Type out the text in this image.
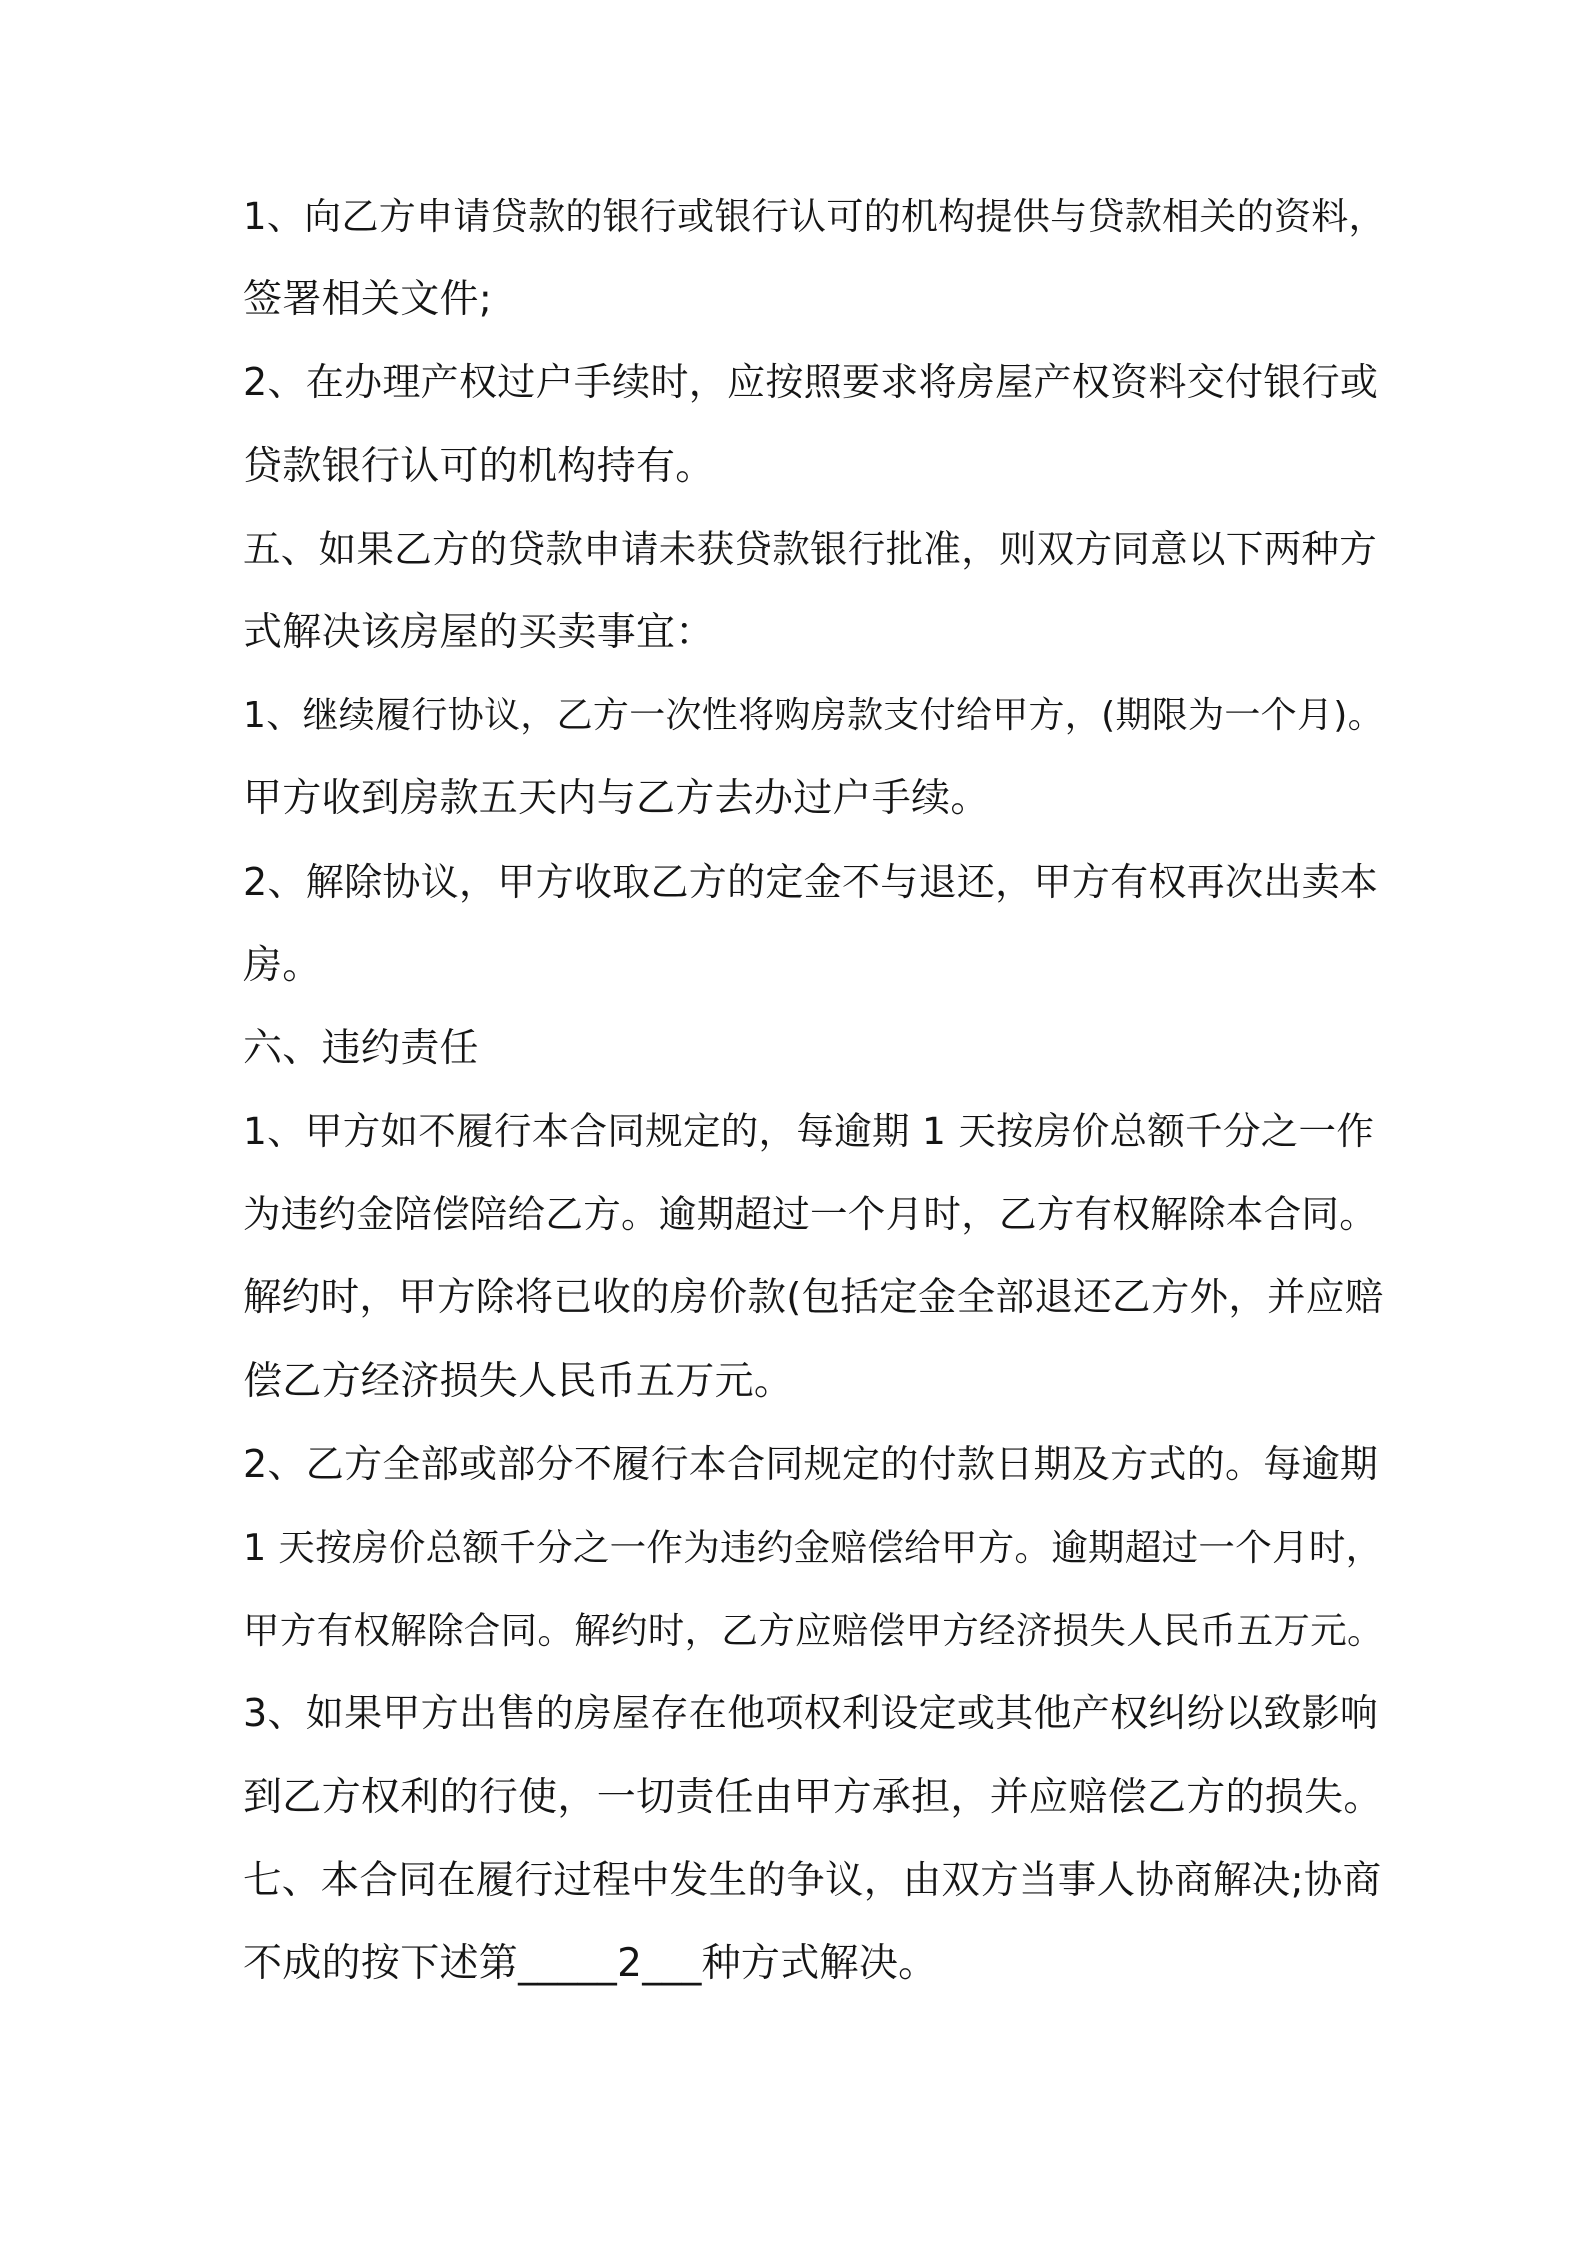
1、向乙方申请贷款的银行或银行认可的机构提供与贷款相关的资料，
签署相关文件;
2、在办理产权过户手续时，应按照要求将房屋产权资料交付银行或
贷款银行认可的机构持有。
五、如果乙方的贷款申请未获贷款银行批准，则双方同意以下两种方
式解决该房屋的买卖事宜：
1、继续履行协议，乙方一次性将购房款支付给甲方，(期限为一个月)。
甲方收到房款五天内与乙方去办过户手续。
2、解除协议，甲方收取乙方的定金不与退还，甲方有权再次出卖本
房。
六、违约责任
1、甲方如不履行本合同规定的，每逾期 1 天按房价总额千分之一作
为违约金陪偿陪给乙方。逾期超过一个月时，乙方有权解除本合同。
解约时，甲方除将已收的房价款(包括定金全部退还乙方外，并应赔
偿乙方经济损失人民币五万元。
2、乙方全部或部分不履行本合同规定的付款日期及方式的。每逾期
1 天按房价总额千分之一作为违约金赔偿给甲方。逾期超过一个月时，
甲方有权解除合同。解约时，乙方应赔偿甲方经济损失人民币五万元。
3、如果甲方出售的房屋存在他项权利设定或其他产权纠纷以致影响
到乙方权利的行使，一切责任由甲方承担，并应赔偿乙方的损失。
七、本合同在履行过程中发生的争议，由双方当事人协商解决;协商
不成的按下述第_____2___种方式解决。
